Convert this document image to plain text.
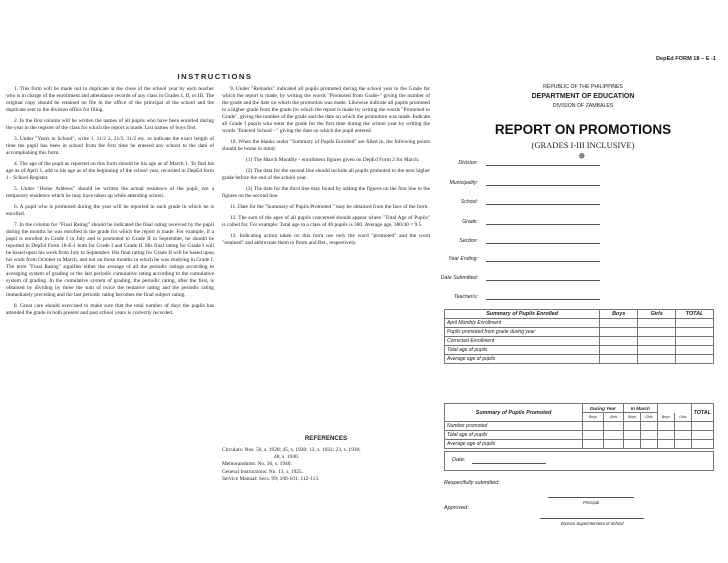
INSTRUCTIONS

1. This form will be made out in duplicate at the close of the school year by each teacher who is in charge of the enrollment and attendance records of any class in Grades I, II, or III. The original copy should be retained on file in the office of the principal of the school and the duplicate sent to the division office for filing.

2. In the first column will be written the names of all pupils who have been enrolled during the year in the register of the class for which the report is made. List names of boys first.

3. Under "Years in School", write 1. 11/2 2, 21/2, 31/2 etc. to indicate the exact length of time the pupil has been in school from the first time he entered any school to the date of accomplishing this form.

4. The age of the pupil as reported on this form should be his age as of March 1. To find his age as of April 1, add to his age as of the beginning of the school year, recorded in DepEd form 1 - School Register.

5. Under "Home Address" should be written the actual residence of the pupil, not a temporary residence which he may have taken up while attending school.

6. A pupil who is promoted during the year will be reported in each grade in which he is enrolled.

7. In the column for "Final Rating" should be indicated the final rating received by the pupil during the months he was enrolled in the grade for which the report is made. For example, if a pupil is enrolled in Grade I in July and is promoted to Grade II in September, he should be reported in DepEd Form 18-E-1 both for Grade I and Grade II. His final rating for Grade I will be based upon his work from July to September. His final rating for Grade II will be based upon his work from October to March, and not on those months in which he was studying in Grade I. The term "Final Rating" signifies either the average of all the periodic ratings according to averaging system of grading or the last periodic cumulative rating according to the cumulative system of grading. In the cumulative system of grading, the periodic rating, after the first, is obtained by dividing by three the sum of twice the tentative rating and the periodic rating immediately preceding and the last periodic rating becomes the final subject rating.

8. Great care should exercised to make sure that the total number of days the pupils has attended the grade in both present and past school years is correctly recorded.

9. Under "Remarks" indicated all pupils promoted during the school year to the Grade for which the report is made, by writing the words "Promoted from Grade-" giving the number of the grade and the date on which the promotion was made. Likewise indicate all pupils promoted to a higher grade from the grade for which the report is made by writing the words "Promoted to Grade", giving the number of the grade and the date on which the promotion was made. Indicate all Grade I pupils who enter the grade for the first time during the school year by writing the words "Entered School - " giving the date on which the pupil entered.

10. When the blanks under "Summary of Pupils Enrolled" are filled in, the following points should be borne in mind:

(1) The March Monthly - enrollment figures given on DepEd Form 2 for March.

(2) The data for the second line should include all pupils promoted to the next higher grade before the end of the school year.

(3) The date for the third line may found by adding the figures on the first line to the figures on the second line.

11. Date for the "Summary of Pupils Promoted " may be obtained from the face of the form.

12. The sum of the ages of all pupils concerned should appear where "Total Age of Pupils" is called for. For example: Total age in a class of 40 pupils is 380. Average age, 380/40 = 9.5

13. Indicating action taken on this form use only the word "promoted" and the word "retained" and abbreviate them to Prom and Ret., respectively.

REFERENCES
Circulars: Nos. 50, s. 1928; 45, s. 1930; 13, s. 1932; 23, s. 1938;
48, s. 1940.
Memorandums: No. 36, s. 1940.
General Instructions: No. 13, s. 1925.
Service Manual: Secs. 99; 100-101; 112-113.
DepEd FORM 18 – E -1
REPUBLIC OF THE PHILIPPINES
DEPARTMENT OF EDUCATION
DIVISION OF ZAMBALES
REPORT ON PROMOTIONS
(GRADES I-III INCLUSIVE)
✵
Division:
Municipality:
School:
Grade:
Section:
Year Ending:
Date Submitted:
Teacher/s:
Summary of Pupils Enrolled	Boys	Girls	TOTAL
April Monthly Enrollment			
Pupils promoted from grade during year			
Corrected Enrollment			
Total age of pupils			
Average age of pupils			
Summary of Pupils Promoted	During Year		In March				TOTAL
	Boys	Girls	Boys	Girls	Boys	Girls	
Number promoted							
Total age of pupils							
Average age of pupils							
Date:
Respectfully submitted:
Principal
Approved:
Division Superintendent of School
